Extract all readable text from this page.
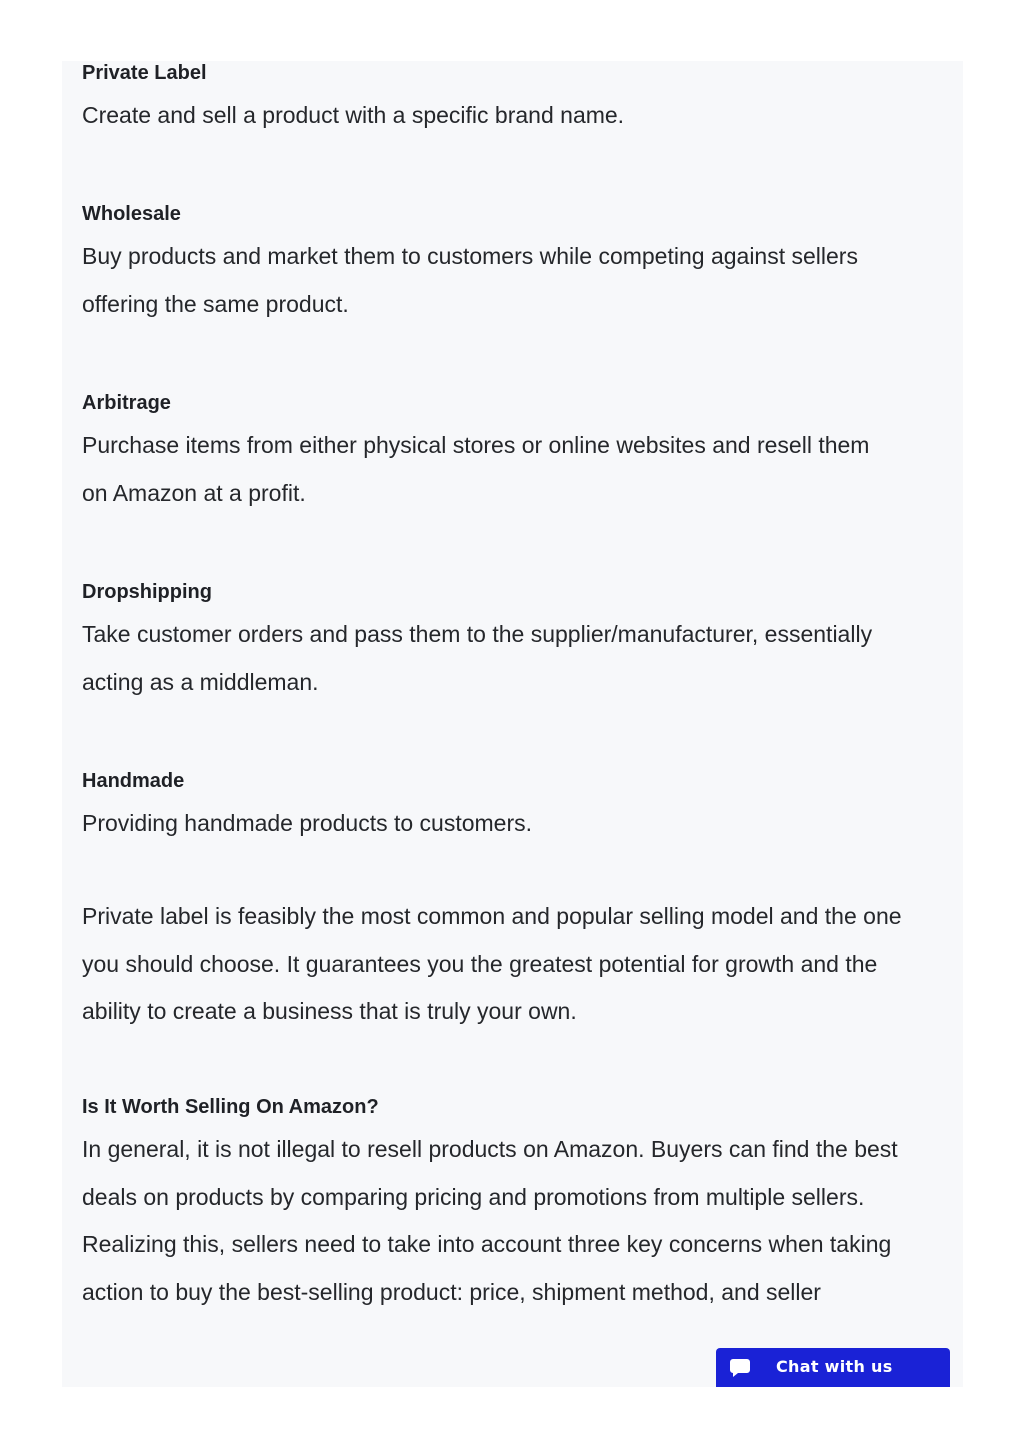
Private Label

Create and sell a product with a specific brand name.

Wholesale

Buy products and market them to customers while competing against sellers

offering the same product.

Arbitrage

Purchase items from either physical stores or online websites and resell them

on Amazon at a profit.

Dropshipping

Take customer orders and pass them to the supplier/manufacturer, essentially

acting as a middleman.

Handmade

Providing handmade products to customers.

Private label is feasibly the most common and popular selling model and the one

you should choose. It guarantees you the greatest potential for growth and the

ability to create a business that is truly your own.

Is It Worth Selling On Amazon?

In general, it is not illegal to resell products on Amazon. Buyers can find the best

deals on products by comparing pricing and promotions from multiple sellers.

Realizing this, sellers need to take into account three key concerns when taking

action to buy the best-selling product: price, shipment method, and seller

Chat with us
